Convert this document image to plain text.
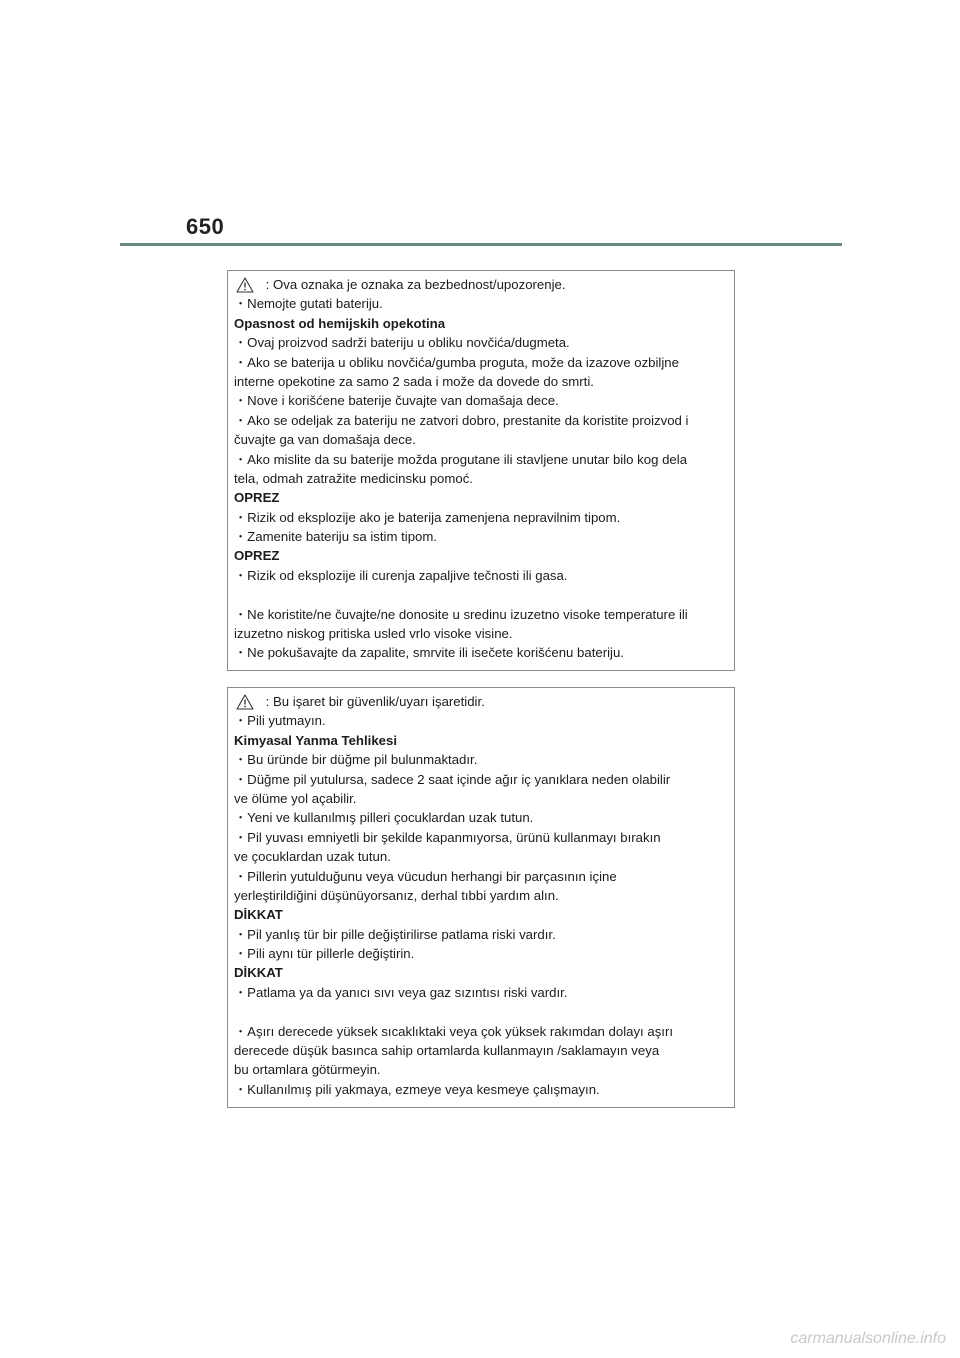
650
: Ova oznaka je oznaka za bezbednost/upozorenje.
・Nemojte gutati bateriju.
Opasnost od hemijskih opekotina
・Ovaj proizvod sadrži bateriju u obliku novčića/dugmeta.
・Ako se baterija u obliku novčića/gumba proguta, može da izazove ozbiljne
interne opekotine za samo 2 sada i može da dovede do smrti.
・Nove i korišćene baterije čuvajte van domašaja dece.
・Ako se odeljak za bateriju ne zatvori dobro, prestanite da koristite proizvod i
čuvajte ga van domašaja dece.
・Ako mislite da su baterije možda progutane ili stavljene unutar bilo kog dela
tela, odmah zatražite medicinsku pomoć.
OPREZ
・Rizik od eksplozije ako je baterija zamenjena nepravilnim tipom.
・Zamenite bateriju sa istim tipom.
OPREZ
・Rizik od eksplozije ili curenja zapaljive tečnosti ili gasa.
・Ne koristite/ne čuvajte/ne donosite u sredinu izuzetno visoke temperature ili
izuzetno niskog pritiska usled vrlo visoke visine.
・Ne pokušavajte da zapalite, smrvite ili isečete korišćenu bateriju.
: Bu işaret bir güvenlik/uyarı işaretidir.
・Pili yutmayın.
Kimyasal Yanma Tehlikesi
・Bu üründe bir düğme pil bulunmaktadır.
・Düğme pil yutulursa, sadece 2 saat içinde ağır iç yanıklara neden olabilir
ve ölüme yol açabilir.
・Yeni ve kullanılmış pilleri çocuklardan uzak tutun.
・Pil yuvası emniyetli bir şekilde kapanmıyorsa, ürünü kullanmayı bırakın
ve çocuklardan uzak tutun.
・Pillerin yutulduğunu veya vücudun herhangi bir parçasının içine
yerleştirildiğini düşünüyorsanız, derhal tıbbi yardım alın.
DİKKAT
・Pil yanlış tür bir pille değiştirilirse patlama riski vardır.
・Pili aynı tür pillerle değiştirin.
DİKKAT
・Patlama ya da yanıcı sıvı veya gaz sızıntısı riski vardır.
・Aşırı derecede yüksek sıcaklıktaki veya çok yüksek rakımdan dolayı aşırı
derecede düşük basınca sahip ortamlarda kullanmayın /saklamayın veya
bu ortamlara götürmeyin.
・Kullanılmış pili yakmaya, ezmeye veya kesmeye çalışmayın.
carmanualsonline.info
